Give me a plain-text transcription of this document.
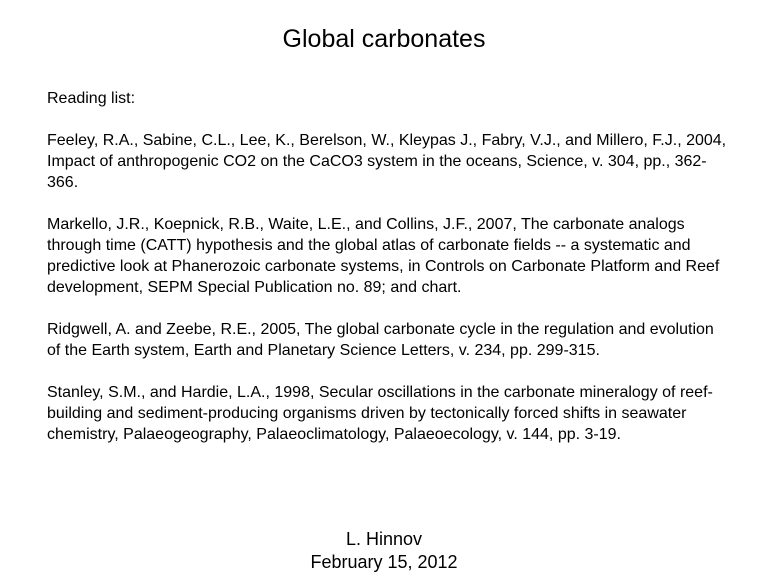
Global carbonates

Reading list:

Feeley, R.A., Sabine, C.L., Lee, K., Berelson, W., Kleypas J., Fabry, V.J., and Millero, F.J., 2004, Impact of anthropogenic CO2 on the CaCO3 system in the oceans, Science, v. 304, pp., 362-366.
Markello, J.R., Koepnick, R.B., Waite, L.E., and Collins, J.F., 2007, The carbonate analogs through time (CATT) hypothesis and the global atlas of carbonate fields -- a systematic and predictive look at Phanerozoic carbonate systems, in Controls on Carbonate Platform and Reef development, SEPM Special Publication no. 89; and chart.
Ridgwell, A. and Zeebe, R.E., 2005, The global carbonate cycle in the regulation and evolution of the Earth system, Earth and Planetary Science Letters, v. 234, pp. 299-315.
Stanley, S.M., and Hardie, L.A., 1998, Secular oscillations in the carbonate mineralogy of reef-building and sediment-producing organisms driven by tectonically forced shifts in seawater chemistry, Palaeogeography, Palaeoclimatology, Palaeoecology, v. 144, pp. 3-19.
L. Hinnov
February 15, 2012
